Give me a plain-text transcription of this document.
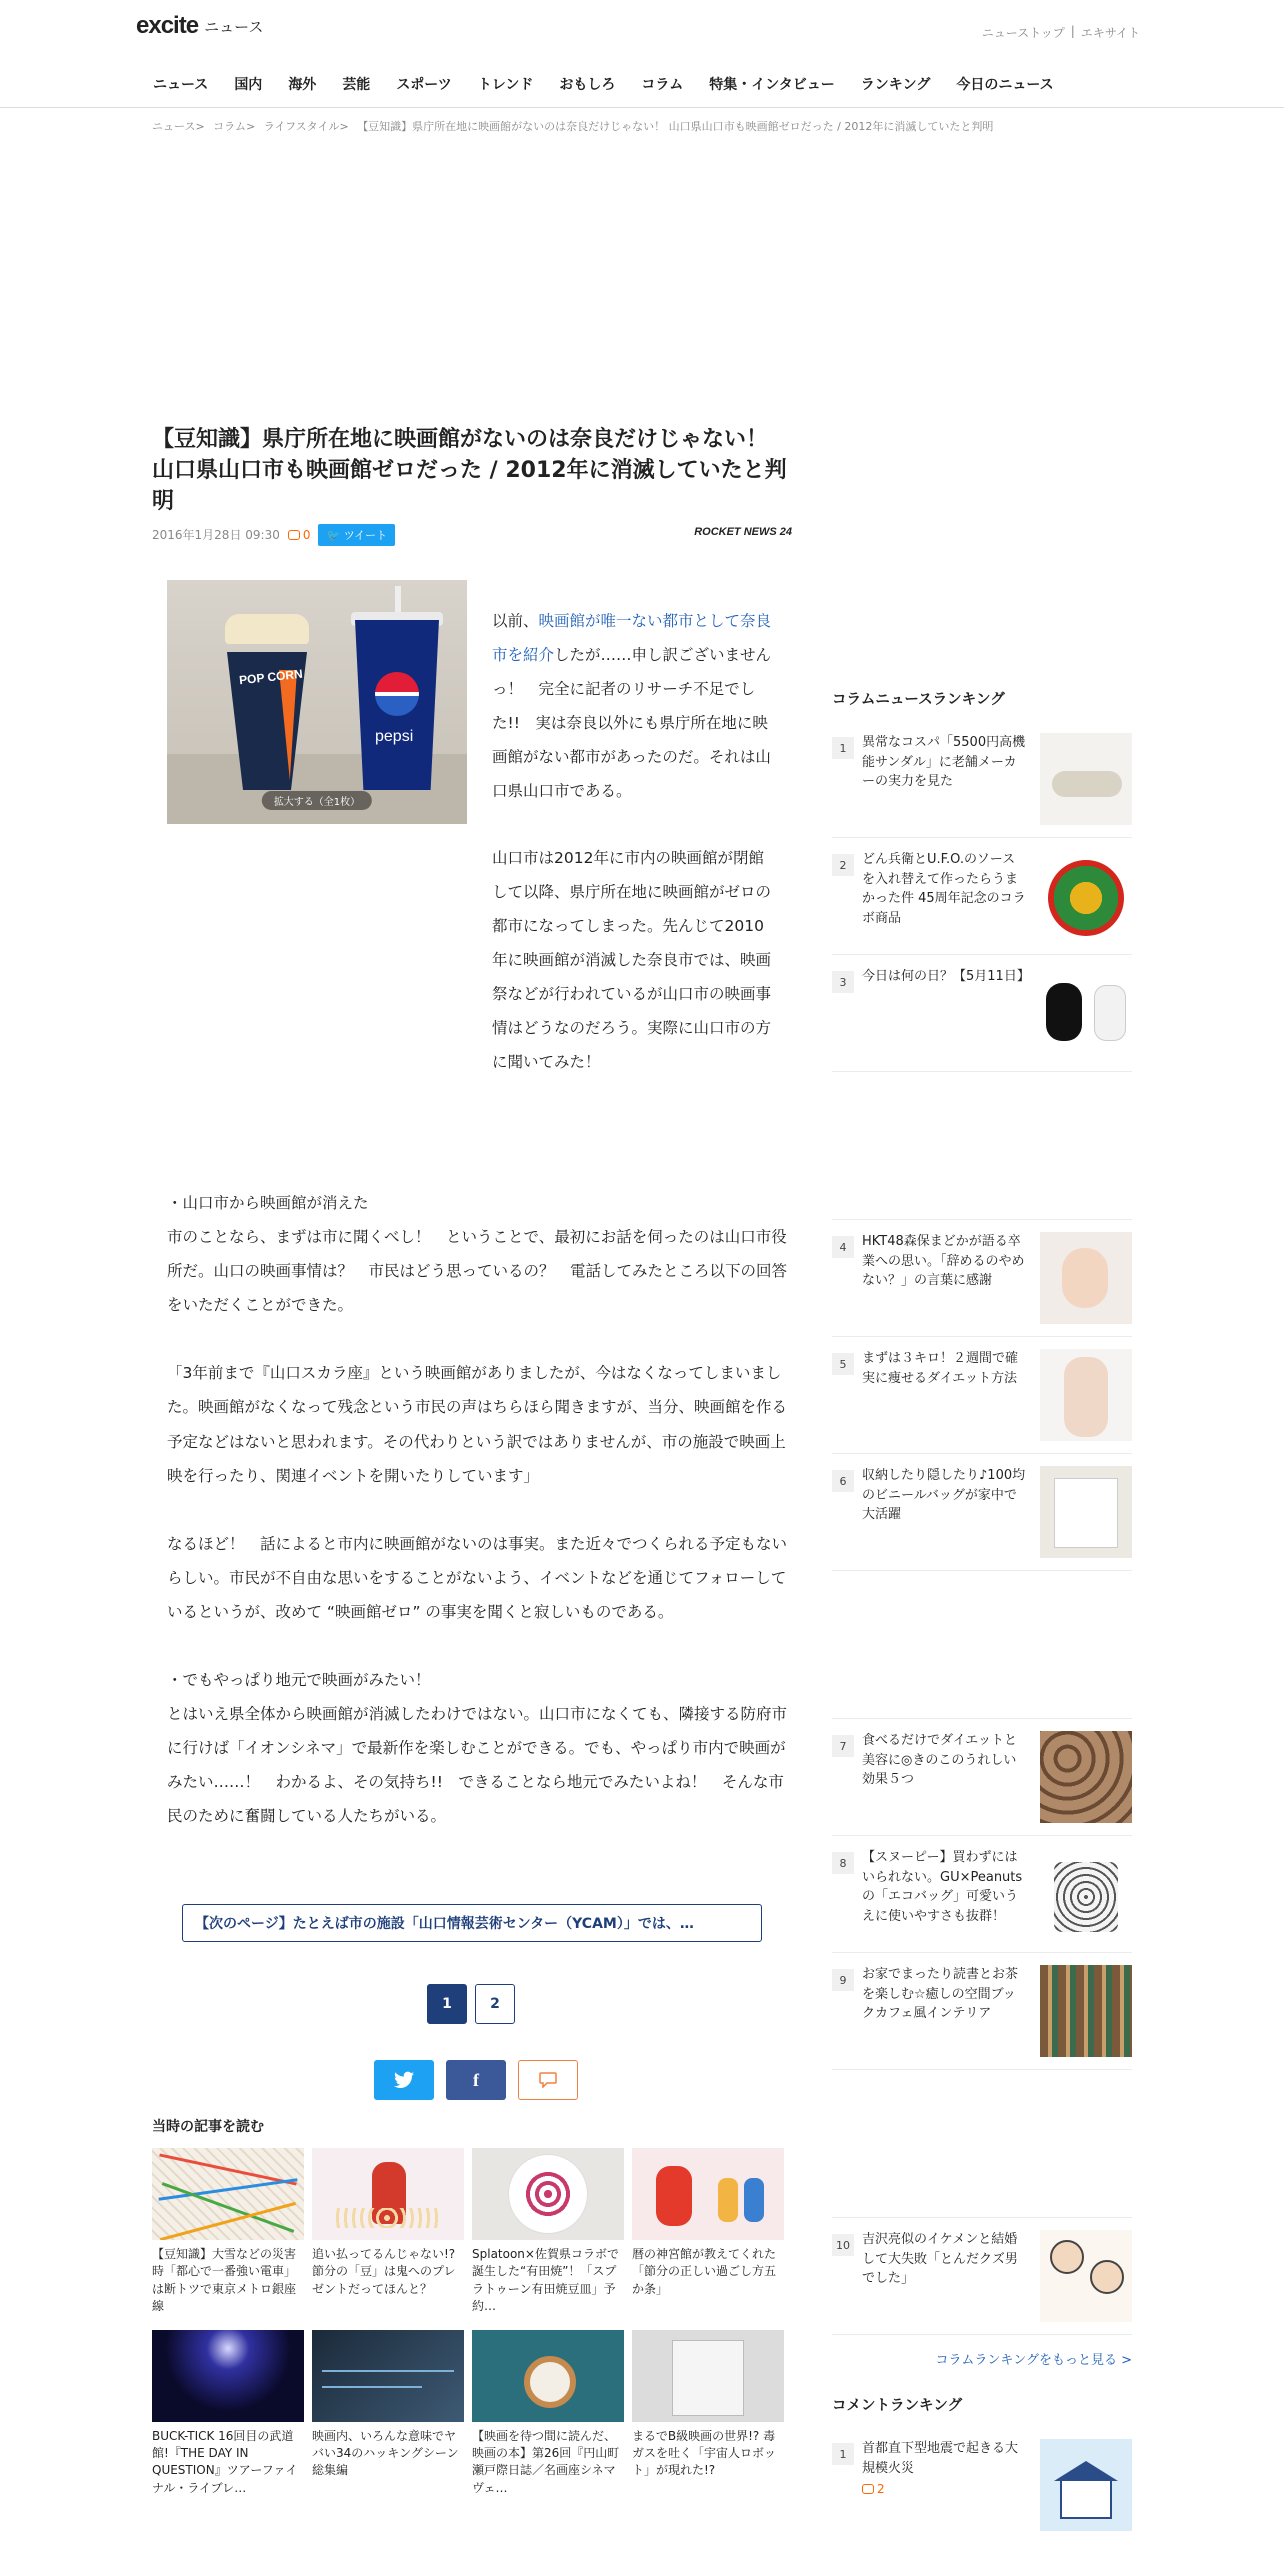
excite ニュース	ニューストップ | エキサイト
ニュース	国内	海外	芸能	スポーツ	トレンド	おもしろ	コラム	特集・インタビュー	ランキング	今日のニュース
ニュース> コラム> ライフスタイル> 【豆知識】県庁所在地に映画館がないのは奈良だけじゃない！ 山口県山口市も映画館ゼロだった / 2012年に消滅していたと判明
【豆知識】県庁所在地に映画館がないのは奈良だけじゃない！ 山口県山口市も映画館ゼロだった / 2012年に消滅していたと判明
2016年1月28日 09:30 0	🐦 ツイート	ROCKET NEWS 24
POP CORN
pepsi
拡大する（全1枚）

以前、映画館が唯一ない都市として奈良市を紹介したが……申し訳ございませんっ！　完全に記者のリサーチ不足でした!!　実は奈良以外にも県庁所在地に映画館がない都市があったのだ。それは山口県山口市である。

山口市は2012年に市内の映画館が閉館して以降、県庁所在地に映画館がゼロの都市になってしまった。先んじて2010年に映画館が消滅した奈良市では、映画祭などが行われているが山口市の映画事情はどうなのだろう。実際に山口市の方に聞いてみた！

・山口市から映画館が消えた
市のことなら、まずは市に聞くべし！　ということで、最初にお話を伺ったのは山口市役所だ。山口の映画事情は？　市民はどう思っているの？　電話してみたところ以下の回答をいただくことができた。

「3年前まで『山口スカラ座』という映画館がありましたが、今はなくなってしまいました。映画館がなくなって残念という市民の声はちらほら聞きますが、当分、映画館を作る予定などはないと思われます。その代わりという訳ではありませんが、市の施設で映画上映を行ったり、関連イベントを開いたりしています」

なるほど！　話によると市内に映画館がないのは事実。また近々でつくられる予定もないらしい。市民が不自由な思いをすることがないよう、イベントなどを通じてフォローしているというが、改めて “映画館ゼロ” の事実を聞くと寂しいものである。

・でもやっぱり地元で映画がみたい！
とはいえ県全体から映画館が消滅したわけではない。山口市になくても、隣接する防府市に行けば「イオンシネマ」で最新作を楽しむことができる。でも、やっぱり市内で映画がみたい……！　わかるよ、その気持ち!!　できることなら地元でみたいよね！　そんな市民のために奮闘している人たちがいる。

【次のページ】たとえば市の施設「山口情報芸術センター（YCAM）」では、…
1	2
f
当時の記事を読む
【豆知識】大雪などの災害時「都心で一番強い電車」は断トツで東京メトロ銀座線
追い払ってるんじゃない!? 節分の「豆」は鬼へのプレゼントだってほんと？
Splatoon×佐賀県コラボで誕生した“有田焼”！「スプラトゥーン有田焼豆皿」予約…
暦の神宮館が教えてくれた「節分の正しい過ごし方五か条」
BUCK-TICK 16回目の武道館!『THE DAY IN QUESTION』ツアーファイナル・ライブレ…
映画内、いろんな意味でヤバい34のハッキングシーン総集編
【映画を待つ間に読んだ、映画の本】第26回『円山町瀬戸際日誌／名画座シネマヴェ…
まるでB級映画の世界!? 毒ガスを吐く「宇宙人ロボット」が現れた!?
コラムニュースランキング
1	異常なコスパ「5500円高機能サンダル」に老舗メーカーの実力を見た
2	どん兵衛とU.F.O.のソースを入れ替えて作ったらうまかった件 45周年記念のコラボ商品
3	今日は何の日？【5月11日】
4	HKT48森保まどかが語る卒業への思い。「辞めるのやめない？」の言葉に感謝
5	まずは３キロ！２週間で確実に痩せるダイエット方法
6	収納したり隠したり♪100均のビニールバッグが家中で大活躍
7	食べるだけでダイエットと美容に◎きのこのうれしい効果５つ
8	【スヌーピー】買わずにはいられない。GU×Peanutsの「エコバッグ」可愛いうえに使いやすさも抜群！
9	お家でまったり読書とお茶を楽しむ☆癒しの空間ブックカフェ風インテリア
10 吉沢亮似のイケメンと結婚して大失敗「とんだクズ男でした」
コラムランキングをもっと見る >
コメントランキング
1	首都直下型地震で起きる大規模火災
2
